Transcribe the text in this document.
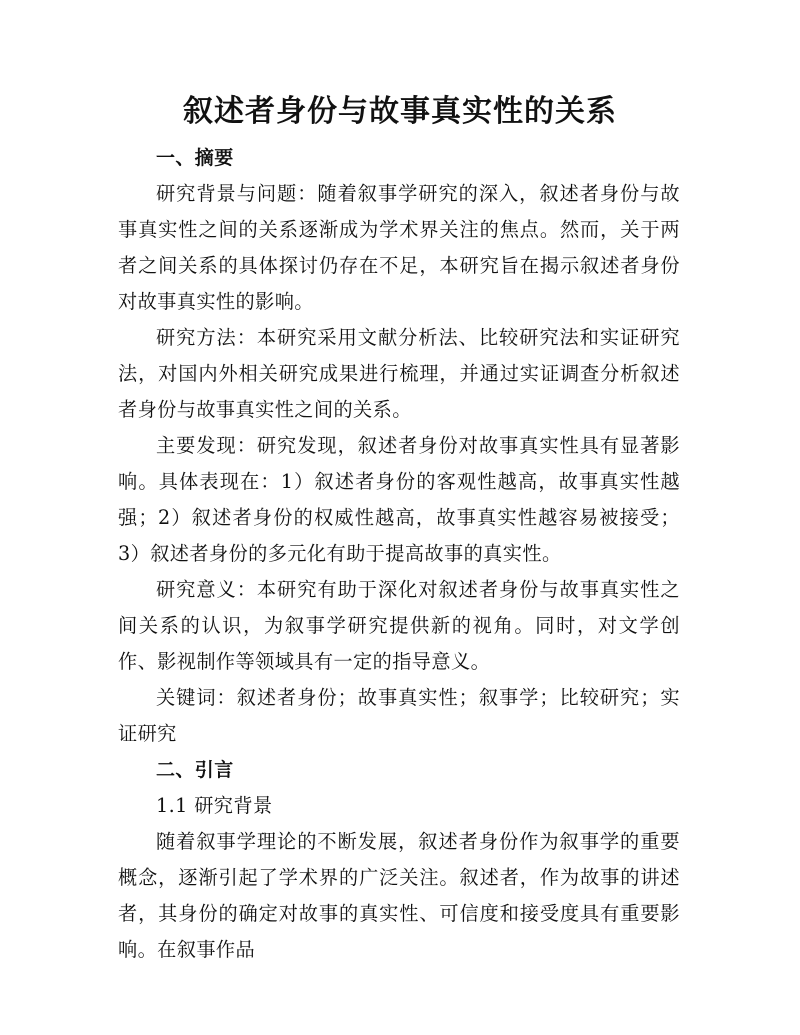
叙述者身份与故事真实性的关系

一、摘要

研究背景与问题：随着叙事学研究的深入，叙述者身份与故事真实性之间的关系逐渐成为学术界关注的焦点。然而，关于两者之间关系的具体探讨仍存在不足，本研究旨在揭示叙述者身份对故事真实性的影响。

研究方法：本研究采用文献分析法、比较研究法和实证研究法，对国内外相关研究成果进行梳理，并通过实证调查分析叙述者身份与故事真实性之间的关系。

主要发现：研究发现，叙述者身份对故事真实性具有显著影响。具体表现在：1）叙述者身份的客观性越高，故事真实性越强；2）叙述者身份的权威性越高，故事真实性越容易被接受；3）叙述者身份的多元化有助于提高故事的真实性。

研究意义：本研究有助于深化对叙述者身份与故事真实性之间关系的认识，为叙事学研究提供新的视角。同时，对文学创作、影视制作等领域具有一定的指导意义。

关键词：叙述者身份；故事真实性；叙事学；比较研究；实证研究

二、引言

1.1 研究背景

随着叙事学理论的不断发展，叙述者身份作为叙事学的重要概念，逐渐引起了学术界的广泛关注。叙述者，作为故事的讲述者，其身份的确定对故事的真实性、可信度和接受度具有重要影响。在叙事作品
